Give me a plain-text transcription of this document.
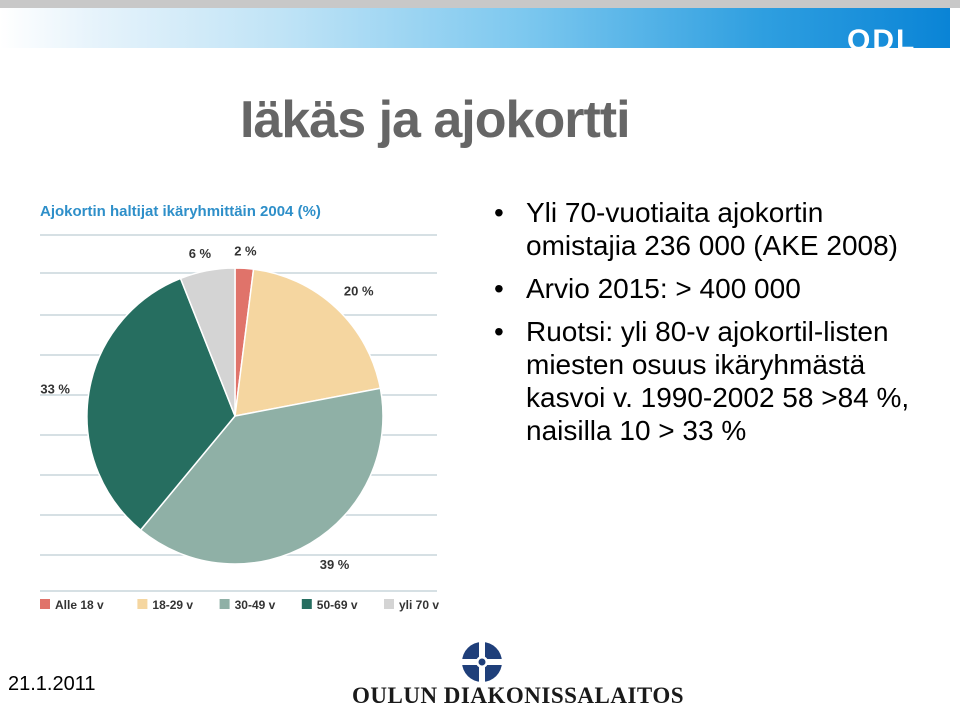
ODL
Iäkäs ja ajokortti
2 %
20 %
39 %
33 %
6 %
Alle 18 v	18-29 v	30-49 v	50-69 v	yli 70 v
Ajokortin haltijat ikäryhmittäin 2004 (%)
•	Yli 70-vuotiaita ajokortin omistajia 236 000 (AKE 2008)
• Arvio 2015: > 400 000
• Ruotsi: yli 80-v ajokortil-listen miesten osuus ikäryhmästä kasvoi v. 1990-2002 58 >84 %, naisilla 10 > 33 %
21.1.2011	OULUN DIAKONISSALAITOS
